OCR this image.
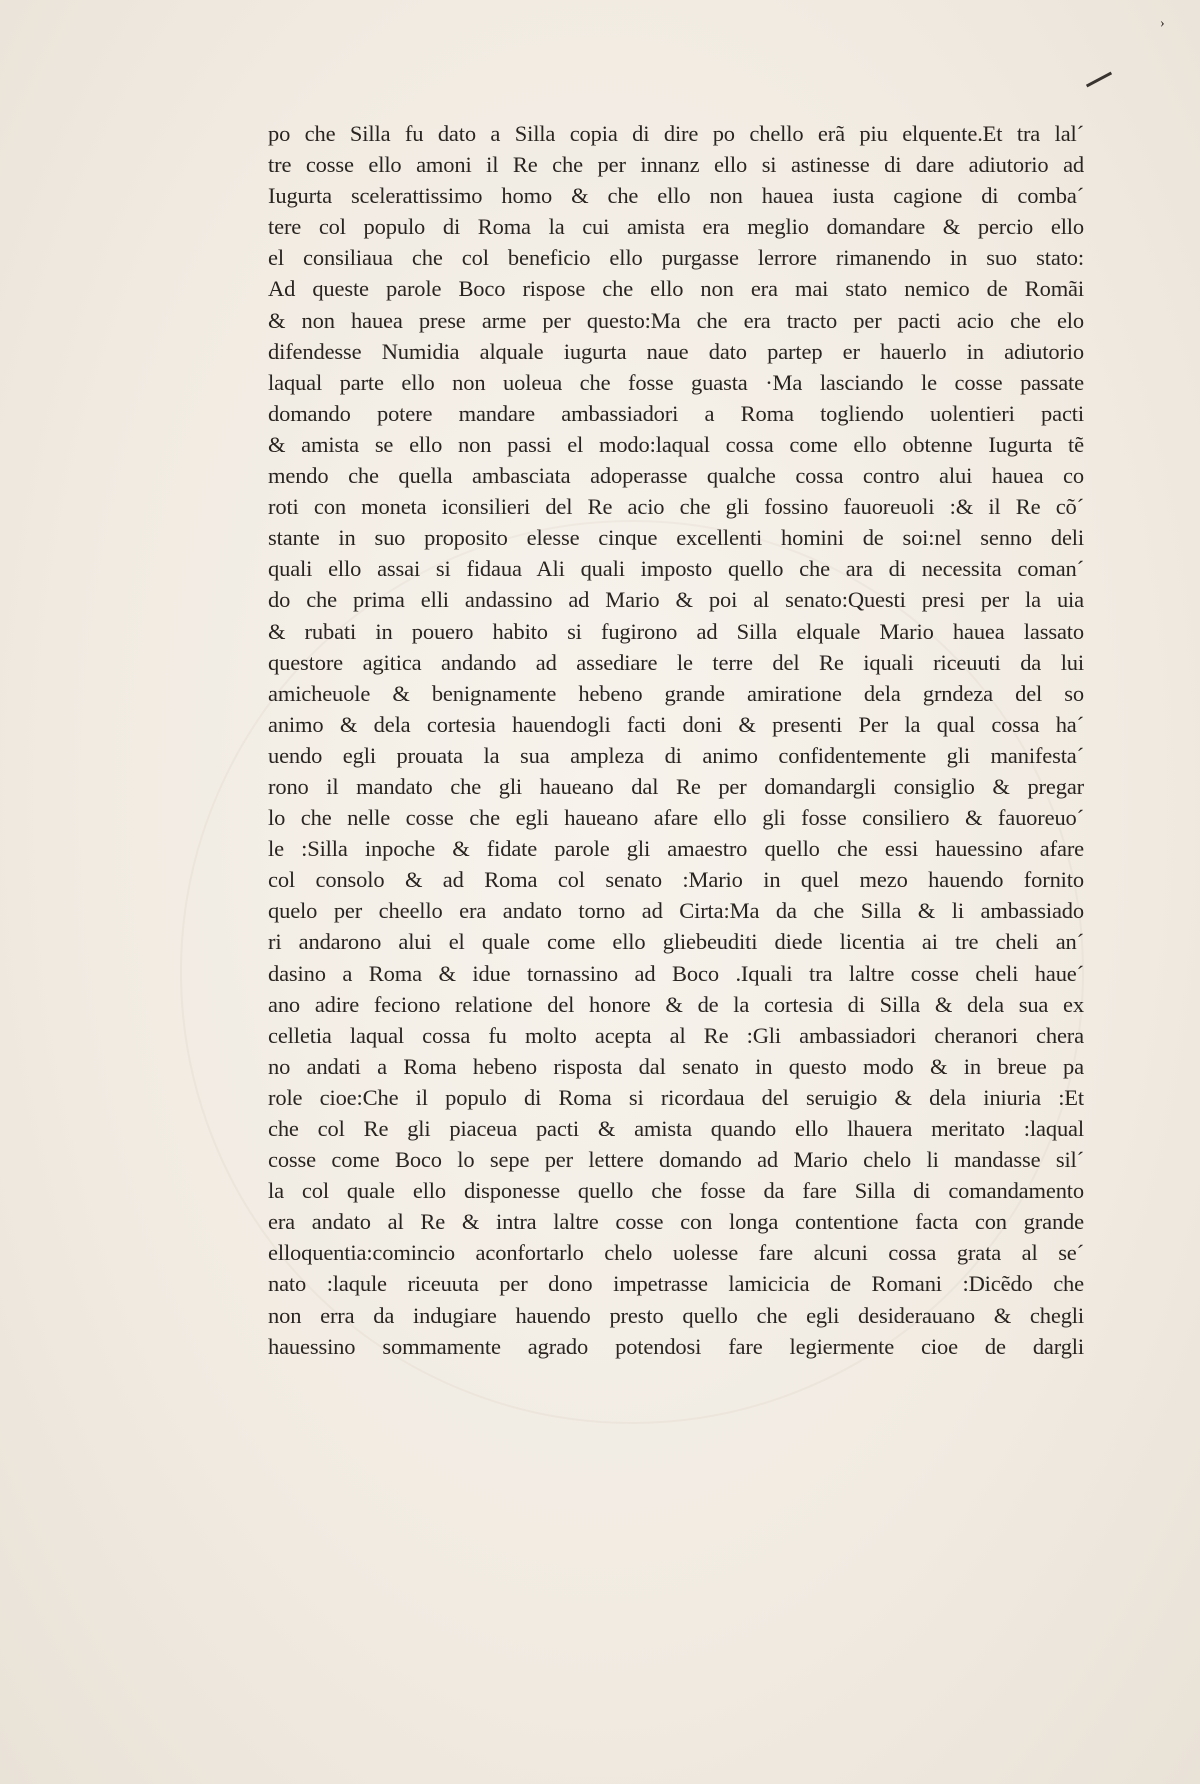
›
po che Silla fu dato a Silla copia di dire po chello erã piu elquente.Et tra lal´
tre cosse ello amoni il Re che per innanz ello si astinesse di dare adiutorio ad
Iugurta scelerattissimo homo & che ello non hauea iusta cagione di comba´
tere col populo di Roma la cui amista era meglio domandare & percio ello
el consiliaua che col beneficio ello purgasse lerrore rimanendo in suo stato:
Ad queste parole Boco rispose che ello non era mai stato nemico de Romãi
& non hauea prese arme per questo:Ma che era tracto per pacti acio che elo
difendesse Numidia alquale iugurta naue dato partep er hauerlo in adiutorio
laqual parte ello non uoleua che fosse guasta ·Ma lasciando le cosse passate
domando potere mandare ambassiadori a Roma togliendo uolentieri pacti
& amista se ello non passi el modo:laqual cossa come ello obtenne Iugurta tẽ
mendo che quella ambasciata adoperasse qualche cossa contro alui hauea co
roti con moneta iconsilieri del Re acio che gli fossino fauoreuoli :& il Re cõ´
stante in suo proposito elesse cinque excellenti homini de soi:nel senno deli
quali ello assai si fidaua Ali quali imposto quello che ara di necessita coman´
do che prima elli andassino ad Mario & poi al senato:Questi presi per la uia
& rubati in pouero habito si fugirono ad Silla elquale Mario hauea lassato
questore agitica andando ad assediare le terre del Re iquali riceuuti da lui
amicheuole & benignamente hebeno grande amiratione dela grndeza del so
animo & dela cortesia hauendogli facti doni & presenti Per la qual cossa ha´
uendo egli prouata la sua ampleza di animo confidentemente gli manifesta´
rono il mandato che gli haueano dal Re per domandargli consiglio & pregar
lo che nelle cosse che egli haueano afare ello gli fosse consiliero & fauoreuo´
le :Silla inpoche & fidate parole gli amaestro quello che essi hauessino afare
col consolo & ad Roma col senato :Mario in quel mezo hauendo fornito
quelo per cheello era andato torno ad Cirta:Ma da che Silla & li ambassiado
ri andarono alui el quale come ello gliebeuditi diede licentia ai tre cheli an´
dasino a Roma & idue tornassino ad Boco .Iquali tra laltre cosse cheli haue´
ano adire feciono relatione del honore & de la cortesia di Silla & dela sua ex
celletia laqual cossa fu molto acepta al Re :Gli ambassiadori cheranori chera
no andati a Roma hebeno risposta dal senato in questo modo & in breue pa
role cioe:Che il populo di Roma si ricordaua del seruigio & dela iniuria :Et
che col Re gli piaceua pacti & amista quando ello lhauera meritato :laqual
cosse come Boco lo sepe per lettere domando ad Mario chelo li mandasse sil´
la col quale ello disponesse quello che fosse da fare Silla di comandamento
era andato al Re & intra laltre cosse con longa contentione facta con grande
elloquentia:comincio aconfortarlo chelo uolesse fare alcuni cossa grata al se´
nato :laqule riceuuta per dono impetrasse lamicicia de Romani :Dicẽdo che
non erra da indugiare hauendo presto quello che egli desiderauano & chegli
hauessino sommamente agrado potendosi fare legiermente cioe de dargli
